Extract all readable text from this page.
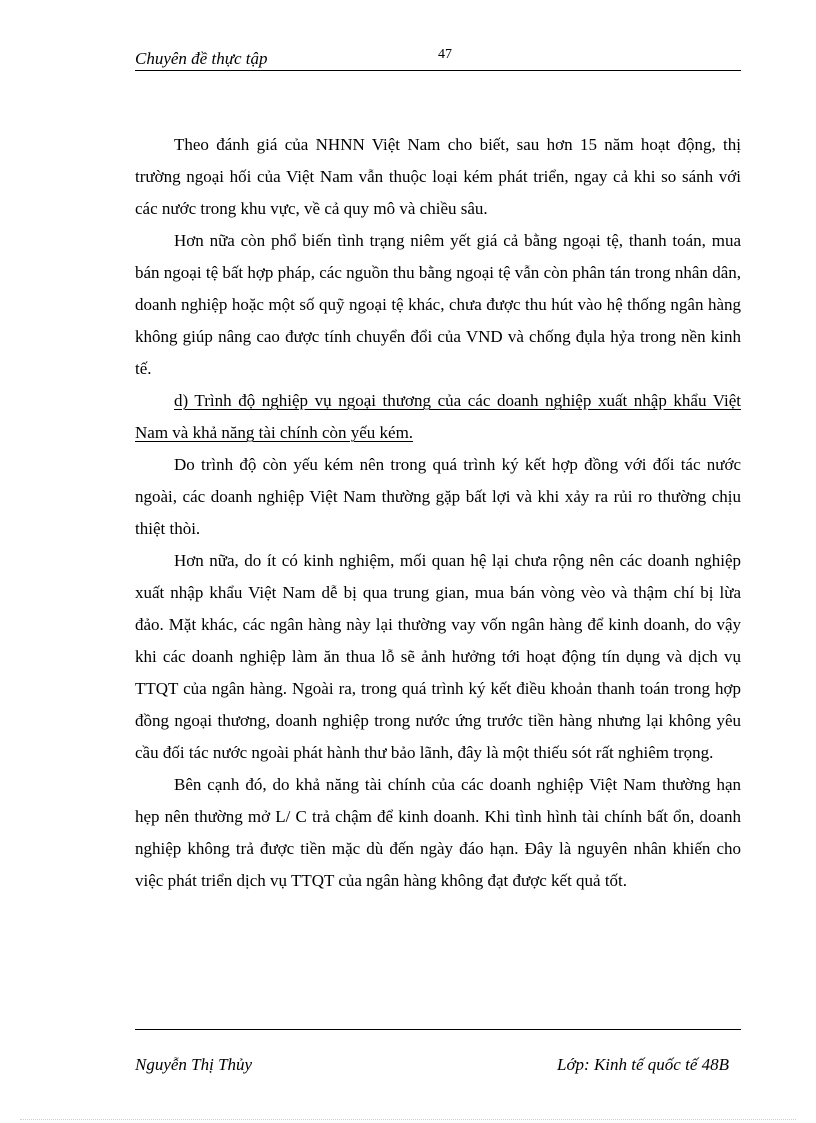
Chuyên đề thực tập	47

Theo đánh giá của NHNN Việt Nam cho biết, sau hơn 15 năm hoạt động, thị trường ngoại hối của Việt Nam vẫn thuộc loại kém phát triển, ngay cả khi so sánh với các nước trong khu vực, về cả quy mô và chiều sâu.

Hơn nữa còn phổ biến tình trạng niêm yết giá cả bằng ngoại tệ, thanh toán, mua bán ngoại tệ bất hợp pháp, các nguồn thu bằng ngoại tệ vẫn còn phân tán trong nhân dân, doanh nghiệp hoặc một số quỹ ngoại tệ khác, chưa được thu hút vào hệ thống ngân hàng không giúp nâng cao được tính chuyển đổi của VND và chống đụla hỷa trong nền kinh tế.

d) Trình độ nghiệp vụ ngoại thương của các doanh nghiệp xuất nhập khẩu Việt Nam và khả năng tài chính còn yếu kém.

Do trình độ còn yếu kém nên trong quá trình ký kết hợp đồng với đối tác nước ngoài, các doanh nghiệp Việt Nam thường gặp bất lợi và khi xảy ra rủi ro thường chịu thiệt thòi.

Hơn nữa, do ít có kinh nghiệm, mối quan hệ lại chưa rộng nên các doanh nghiệp xuất nhập khẩu Việt Nam dễ bị qua trung gian, mua bán vòng vèo và thậm chí bị lừa đảo. Mặt khác, các ngân hàng này lại thường vay vốn ngân hàng để kinh doanh, do vậy khi các doanh nghiệp làm ăn thua lỗ sẽ ảnh hưởng tới hoạt động tín dụng và dịch vụ TTQT của ngân hàng. Ngoài ra, trong quá trình ký kết điều khoản thanh toán trong hợp đồng ngoại thương, doanh nghiệp trong nước ứng trước tiền hàng nhưng lại không yêu cầu đối tác nước ngoài phát hành thư bảo lãnh, đây là một thiếu sót rất nghiêm trọng.

Bên cạnh đó, do khả năng tài chính của các doanh nghiệp Việt Nam thường hạn hẹp nên thường mở L/ C trả chậm để kinh doanh. Khi tình hình tài chính bất ổn, doanh nghiệp không trả được tiền mặc dù đến ngày đáo hạn. Đây là nguyên nhân khiến cho việc phát triển dịch vụ TTQT của ngân hàng không đạt được kết quả tốt.

Nguyễn Thị Thủy	Lớp: Kinh tế quốc tế 48B
